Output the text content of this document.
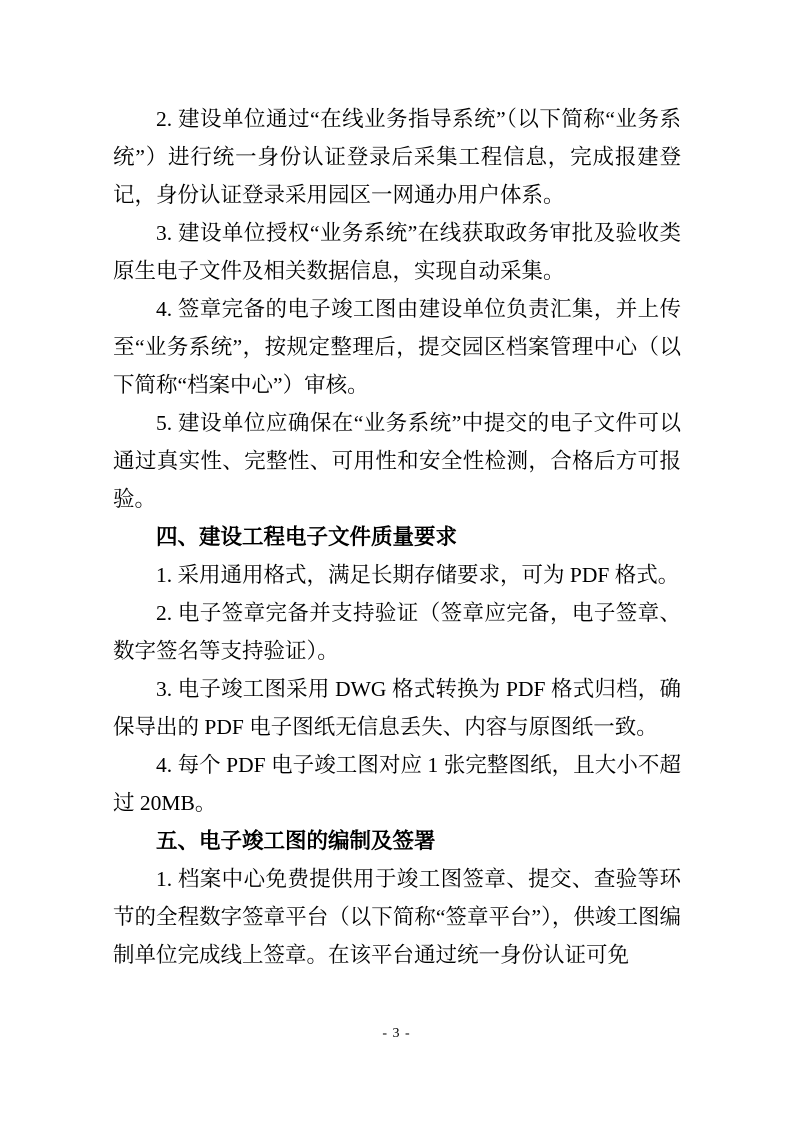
2. 建设单位通过“在线业务指导系统”（以下简称“业务系统”）进行统一身份认证登录后采集工程信息，完成报建登记，身份认证登录采用园区一网通办用户体系。

3. 建设单位授权“业务系统”在线获取政务审批及验收类原生电子文件及相关数据信息，实现自动采集。

4. 签章完备的电子竣工图由建设单位负责汇集，并上传至“业务系统”，按规定整理后，提交园区档案管理中心（以下简称“档案中心”）审核。

5. 建设单位应确保在“业务系统”中提交的电子文件可以通过真实性、完整性、可用性和安全性检测，合格后方可报验。

四、建设工程电子文件质量要求

1. 采用通用格式，满足长期存储要求，可为 PDF 格式。

2. 电子签章完备并支持验证（签章应完备，电子签章、数字签名等支持验证）。

3. 电子竣工图采用 DWG 格式转换为 PDF 格式归档，确保导出的 PDF 电子图纸无信息丢失、内容与原图纸一致。

4. 每个 PDF 电子竣工图对应 1 张完整图纸，且大小不超过 20MB。

五、电子竣工图的编制及签署

1. 档案中心免费提供用于竣工图签章、提交、查验等环节的全程数字签章平台（以下简称“签章平台”），供竣工图编制单位完成线上签章。在该平台通过统一身份认证可免

- 3 -
